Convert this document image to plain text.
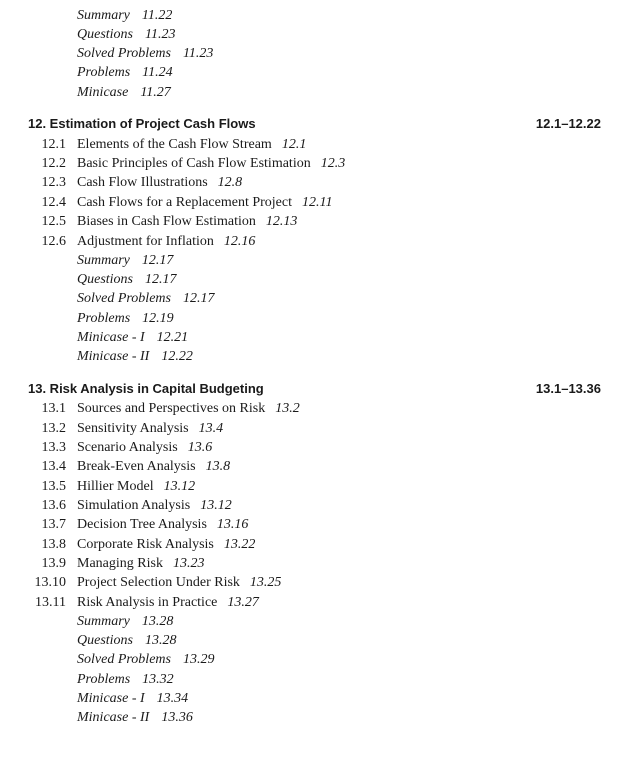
Summary 11.22
Questions 11.23
Solved Problems 11.23
Problems 11.24
Minicase 11.27
12. Estimation of Project Cash Flows	12.1–12.22
12.1 Elements of the Cash Flow Stream 12.1
12.2 Basic Principles of Cash Flow Estimation 12.3
12.3 Cash Flow Illustrations 12.8
12.4 Cash Flows for a Replacement Project 12.11
12.5 Biases in Cash Flow Estimation 12.13
12.6 Adjustment for Inflation 12.16
Summary 12.17
Questions 12.17
Solved Problems 12.17
Problems 12.19
Minicase - I 12.21
Minicase - II 12.22
13. Risk Analysis in Capital Budgeting	13.1–13.36
13.1 Sources and Perspectives on Risk 13.2
13.2 Sensitivity Analysis 13.4
13.3 Scenario Analysis 13.6
13.4 Break-Even Analysis 13.8
13.5 Hillier Model 13.12
13.6 Simulation Analysis 13.12
13.7 Decision Tree Analysis 13.16
13.8 Corporate Risk Analysis 13.22
13.9 Managing Risk 13.23
13.10 Project Selection Under Risk 13.25
13.11 Risk Analysis in Practice 13.27
Summary 13.28
Questions 13.28
Solved Problems 13.29
Problems 13.32
Minicase - I 13.34
Minicase - II 13.36
